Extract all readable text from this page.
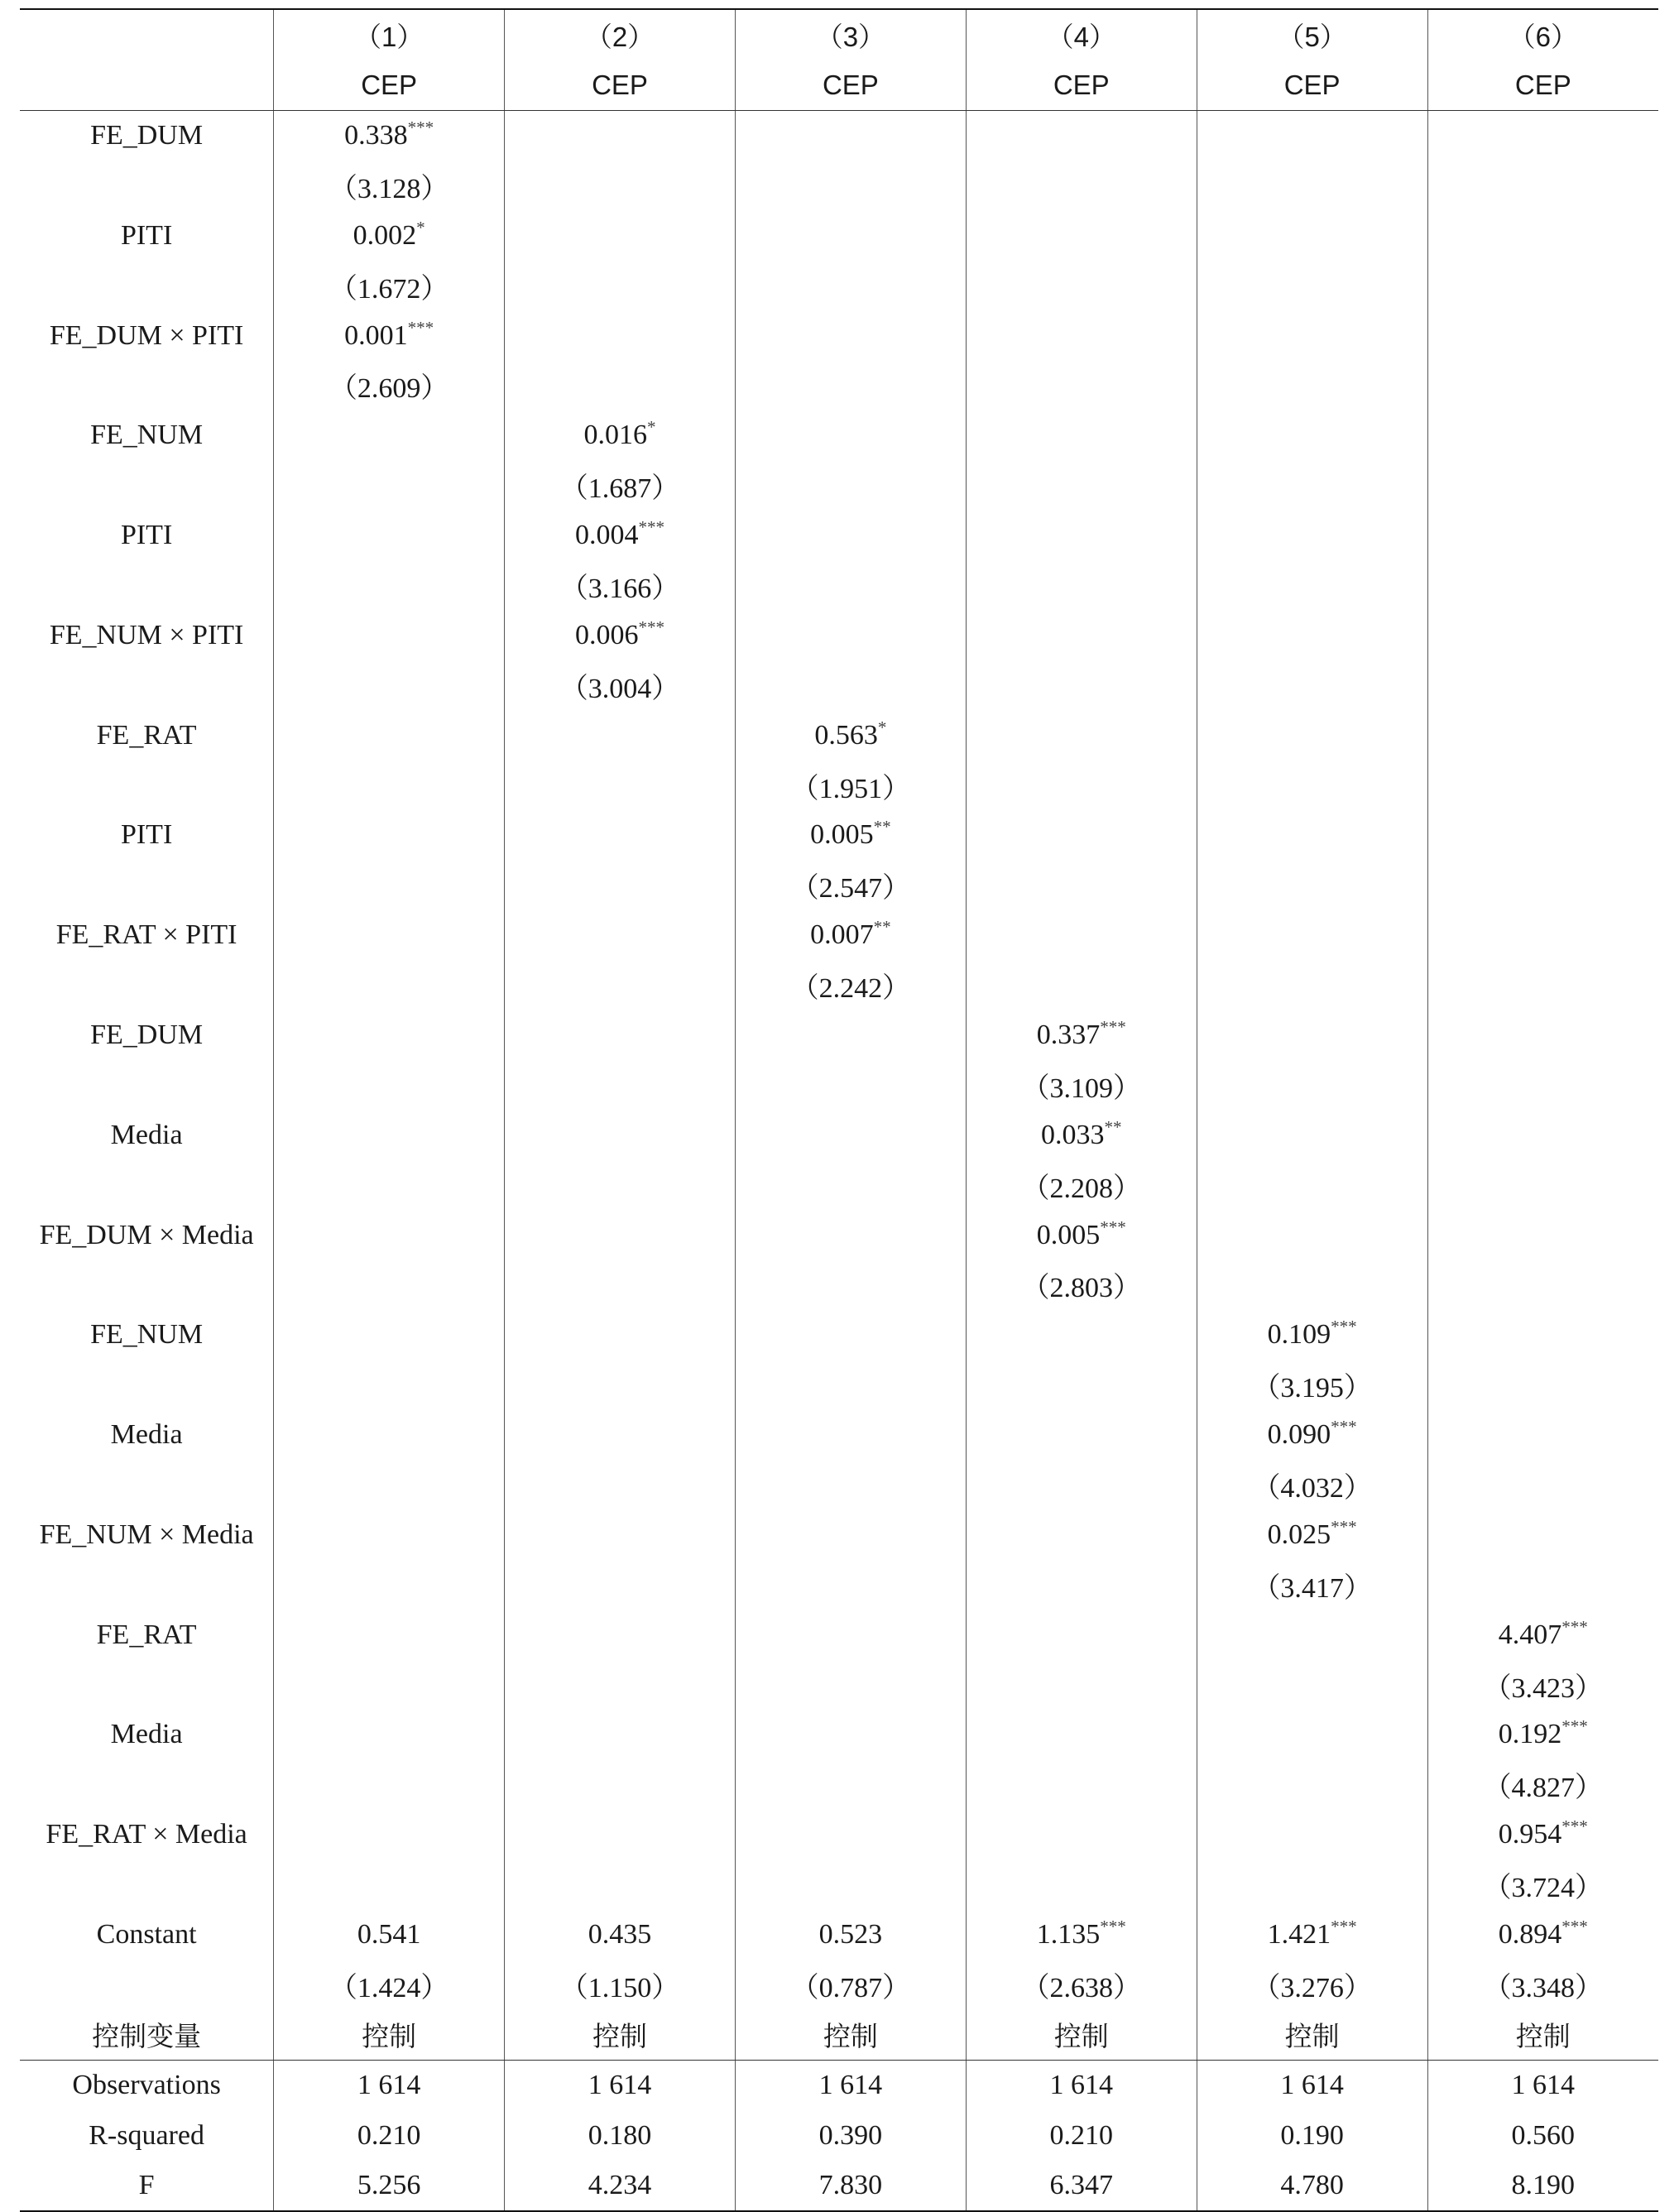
	（1）	（2）	（3）	（4）	（5）	（6）
	CEP	CEP	CEP	CEP	CEP	CEP
FE_DUM	0.338***					
	（3.128）					
PITI	0.002*					
	（1.672）					
FE_DUM × PITI	0.001***					
	（2.609）					
FE_NUM		0.016*				
		（1.687）				
PITI		0.004***				
		（3.166）				
FE_NUM × PITI		0.006***				
		（3.004）				
FE_RAT			0.563*			
			（1.951）			
PITI			0.005**			
			（2.547）			
FE_RAT × PITI			0.007**			
			（2.242）			
FE_DUM				0.337***		
				（3.109）		
Media				0.033**		
				（2.208）		
FE_DUM × Media				0.005***		
				（2.803）		
FE_NUM					0.109***	
					（3.195）	
Media					0.090***	
					（4.032）	
FE_NUM × Media					0.025***	
					（3.417）	
FE_RAT						4.407***
						（3.423）
Media						0.192***
						（4.827）
FE_RAT × Media						0.954***
						（3.724）
Constant	0.541	0.435	0.523	1.135***	1.421***	0.894***
	（1.424）	（1.150）	（0.787）	（2.638）	（3.276）	（3.348）
控制变量	控制	控制	控制	控制	控制	控制
Observations	1 614	1 614	1 614	1 614	1 614	1 614
R-squared	0.210	0.180	0.390	0.210	0.190	0.560
F	5.256	4.234	7.830	6.347	4.780	8.190
